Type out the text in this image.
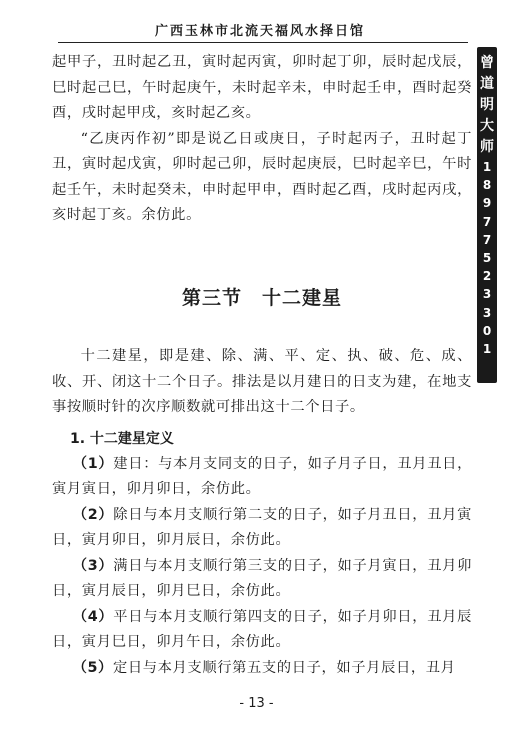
广西玉林市北流天福风水择日馆
曾
道
明
大
师
1
8
9
7
7
5
2
3
3
0
1

起甲子，丑时起乙丑，寅时起丙寅，卯时起丁卯，辰时起戊辰，巳时起己巳，午时起庚午，未时起辛未，申时起壬申，酉时起癸酉，戌时起甲戌，亥时起乙亥。

“乙庚丙作初”即是说乙日或庚日，子时起丙子，丑时起丁丑，寅时起戊寅，卯时起己卯，辰时起庚辰，巳时起辛巳，午时起壬午，未时起癸未，申时起甲申，酉时起乙酉，戌时起丙戌，亥时起丁亥。余仿此。

第三节　十二建星

十二建星，即是建、除、满、平、定、执、破、危、成、收、开、闭这十二个日子。排法是以月建日的日支为建，在地支事按顺时针的次序顺数就可排出这十二个日子。

1. 十二建星定义

（1）建日：与本月支同支的日子，如子月子日，丑月丑日，寅月寅日，卯月卯日，余仿此。

（2）除日与本月支顺行第二支的日子，如子月丑日，丑月寅日，寅月卯日，卯月辰日，余仿此。

（3）满日与本月支顺行第三支的日子，如子月寅日，丑月卯日，寅月辰日，卯月巳日，余仿此。

（4）平日与本月支顺行第四支的日子，如子月卯日，丑月辰日，寅月巳日，卯月午日，余仿此。

（5）定日与本月支顺行第五支的日子，如子月辰日，丑月

- 13 -
